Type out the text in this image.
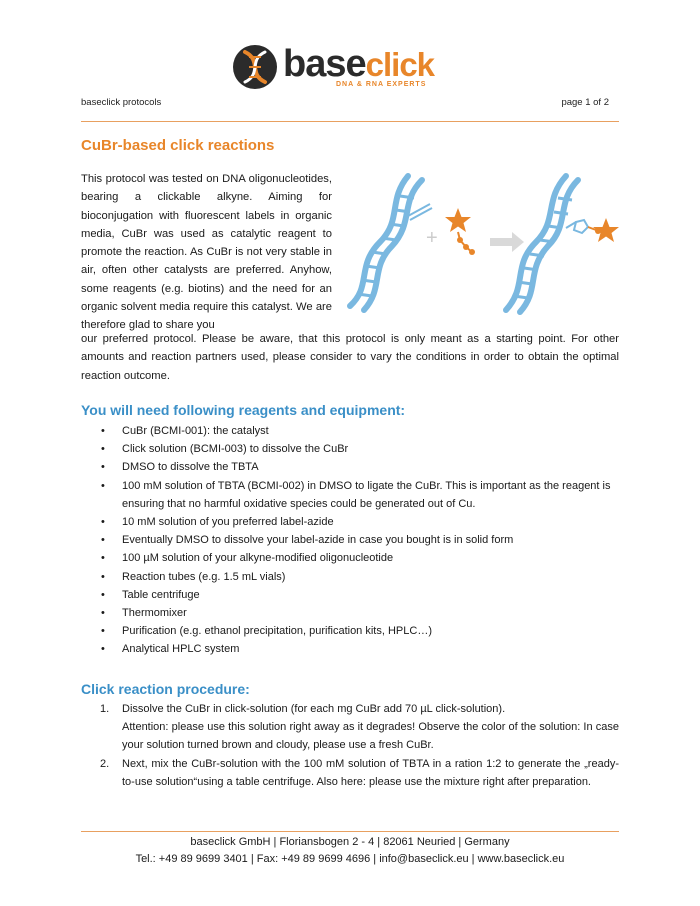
baseclick
DNA & RNA EXPERTS
baseclick protocols	page 1 of 2
CuBr-based click reactions
This protocol was tested on DNA oligonucleotides, bearing a clickable alkyne. Aiming for bioconjugation with fluorescent labels in organic media, CuBr was used as catalytic reagent to promote the reaction. As CuBr is not very stable in air, often other catalysts are preferred. Anyhow, some reagents (e.g. biotins) and the need for an organic solvent media require this catalyst. We are therefore glad to share you
+
our preferred protocol. Please be aware, that this protocol is only meant as a starting point. For other amounts and reaction partners used, please consider to vary the conditions in order to obtain the optimal reaction outcome.
You will need following reagents and equipment:
• CuBr (BCMI-001): the catalyst
• Click solution (BCMI-003) to dissolve the CuBr
• DMSO to dissolve the TBTA
• 100 mM solution of TBTA (BCMI-002) in DMSO to ligate the CuBr. This is important as the reagent is ensuring that no harmful oxidative species could be generated out of Cu.
• 10 mM solution of you preferred label-azide
• Eventually DMSO to dissolve your label-azide in case you bought is in solid form
• 100 µM solution of your alkyne-modified oligonucleotide
• Reaction tubes (e.g. 1.5 mL vials)
• Table centrifuge
• Thermomixer
• Purification (e.g. ethanol precipitation, purification kits, HPLC…)
• Analytical HPLC system
Click reaction procedure:
1. Dissolve the CuBr in click-solution (for each mg CuBr add 70 µL click-solution).

Attention: please use this solution right away as it degrades! Observe the color of the solution: In case your solution turned brown and cloudy, please use a fresh CuBr.

2. Next, mix the CuBr-solution with the 100 mM solution of TBTA in a ration 1:2 to generate the „ready-to-use solution“using a table centrifuge. Also here: please use the mixture right after preparation.

baseclick GmbH | Floriansbogen 2 - 4 | 82061 Neuried | Germany
Tel.: +49 89 9699 3401 | Fax: +49 89 9699 4696 | info@baseclick.eu | www.baseclick.eu
